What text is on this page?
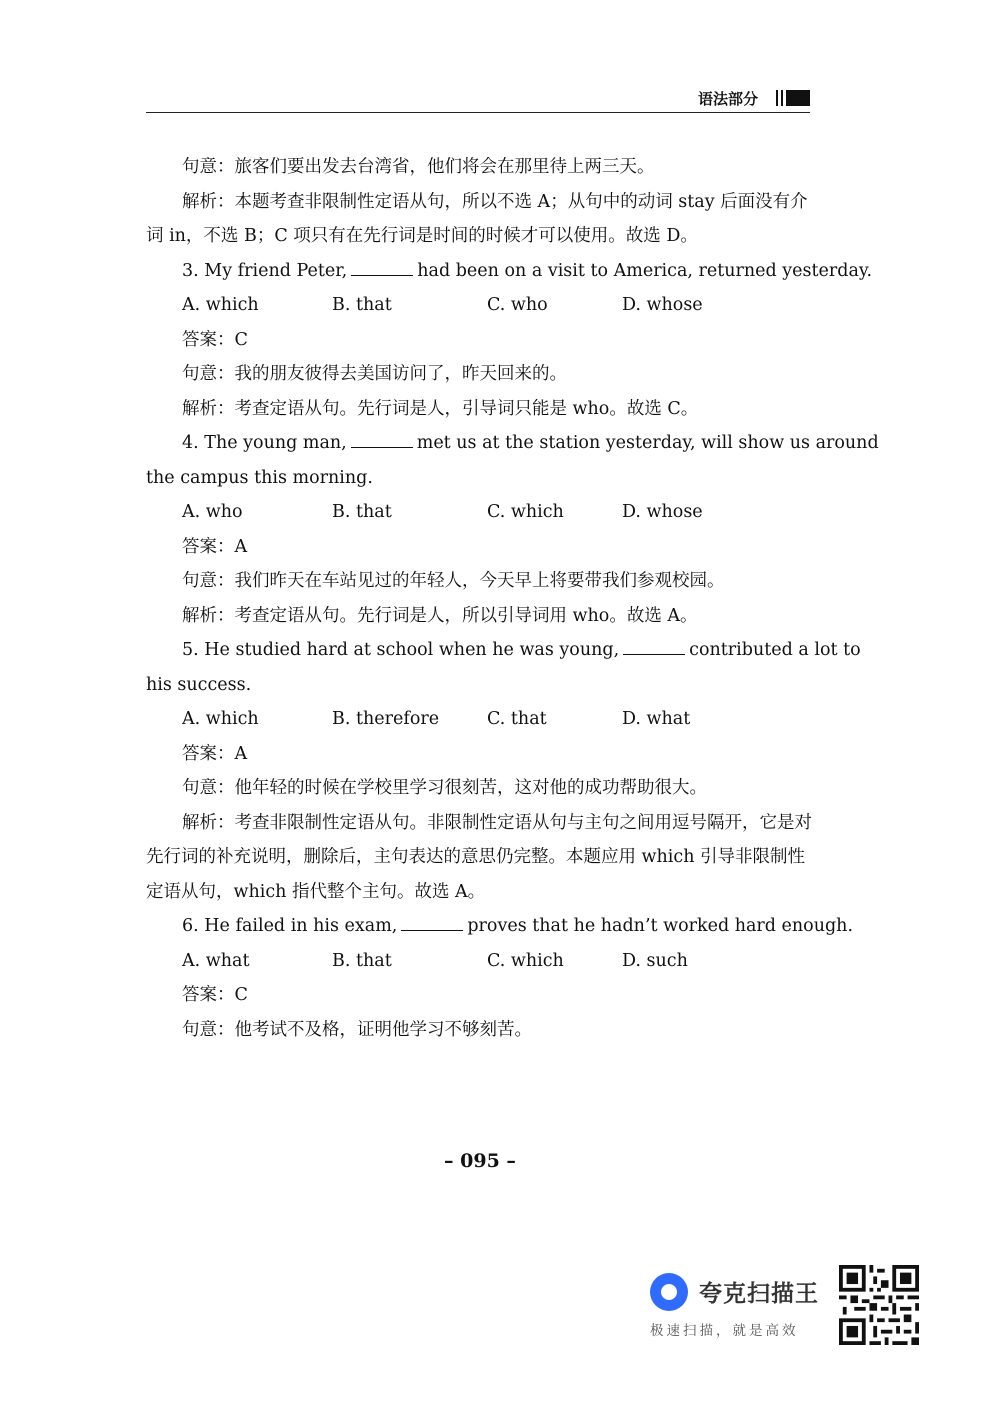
语法部分
句意：旅客们要出发去台湾省，他们将会在那里待上两三天。
解析：本题考查非限制性定语从句，所以不选 A；从句中的动词 stay 后面没有介词 in，不选 B；C 项只有在先行词是时间的时候才可以使用。故选 D。
3. My friend Peter,	had been on a visit to America, returned yesterday.
A. which	B. that	C. who	D. whose
答案：C
句意：我的朋友彼得去美国访问了，昨天回来的。
解析：考查定语从句。先行词是人，引导词只能是 who。故选 C。
4. The young man,	met us at the station yesterday, will show us around
the campus this morning.
A. who	B. that	C. which	D. whose
答案：A
句意：我们昨天在车站见过的年轻人，今天早上将要带我们参观校园。
解析：考查定语从句。先行词是人，所以引导词用 who。故选 A。
5. He studied hard at school when he was young,	contributed a lot to
his success.
A. which	B. therefore	C. that	D. what
答案：A
句意：他年轻的时候在学校里学习很刻苦，这对他的成功帮助很大。
解析：考查非限制性定语从句。非限制性定语从句与主句之间用逗号隔开，它是对先行词的补充说明，删除后，主句表达的意思仍完整。本题应用 which 引导非限制性定语从句，which 指代整个主句。故选 A。
6. He failed in his exam,	proves that he hadn’t worked hard enough.
A. what	B. that	C. which	D. such
答案：C
句意：他考试不及格，证明他学习不够刻苦。
– 095 –
夸克扫描王
极速扫描，就是高效
